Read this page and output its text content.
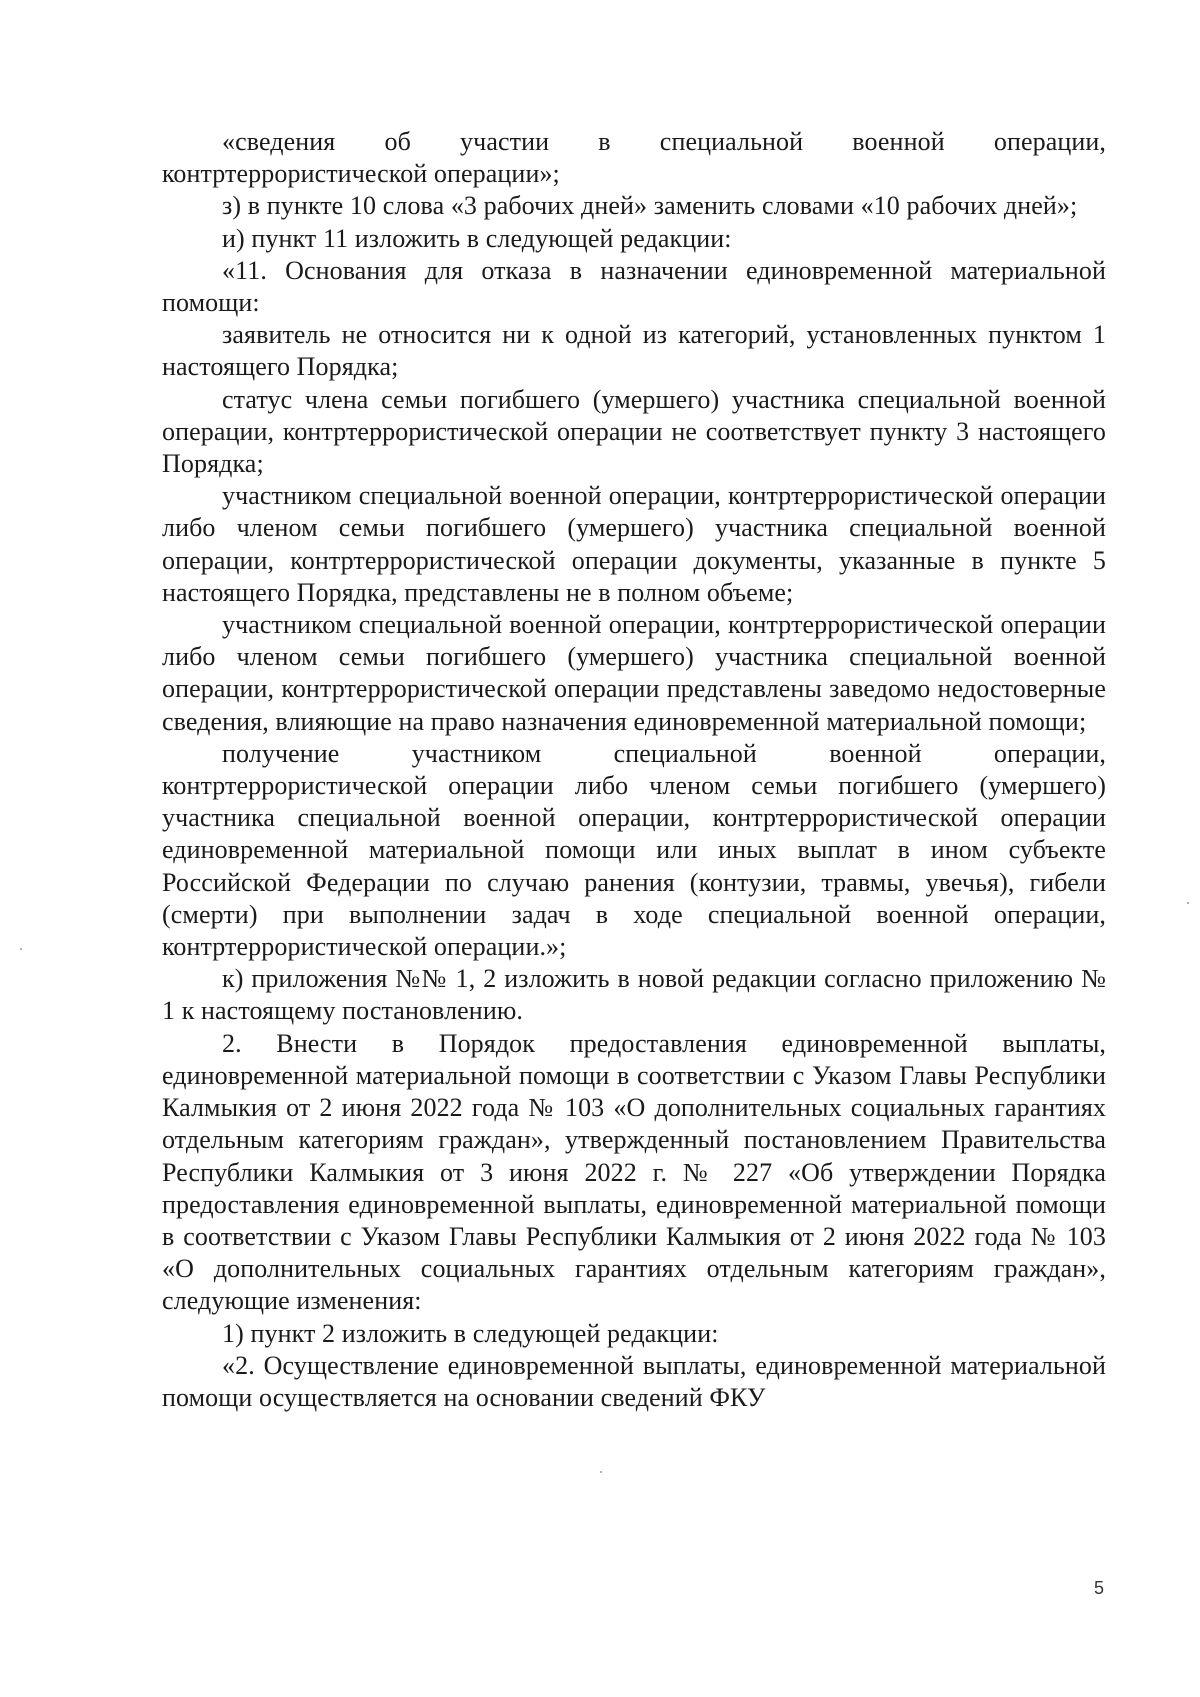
«сведения об участии в специальной военной операции, контртеррористической операции»;

з) в пункте 10 слова «3 рабочих дней» заменить словами «10 рабочих дней»;

и) пункт 11 изложить в следующей редакции:

«11. Основания для отказа в назначении единовременной материальной помощи:

заявитель не относится ни к одной из категорий, установленных пунктом 1 настоящего Порядка;

статус члена семьи погибшего (умершего) участника специальной военной операции, контртеррористической операции не соответствует пункту 3 настоящего Порядка;

участником специальной военной операции, контртеррористической операции либо членом семьи погибшего (умершего) участника специальной военной операции, контртеррористической операции документы, указанные в пункте 5 настоящего Порядка, представлены не в полном объеме;

участником специальной военной операции, контртеррористической операции либо членом семьи погибшего (умершего) участника специальной военной операции, контртеррористической операции представлены заведомо недостоверные сведения, влияющие на право назначения единовременной материальной помощи;

получение участником специальной военной операции, контртеррористической операции либо членом семьи погибшего (умершего) участника специальной военной операции, контртеррористической операции единовременной материальной помощи или иных выплат в ином субъекте Российской Федерации по случаю ранения (контузии, травмы, увечья), гибели (смерти) при выполнении задач в ходе специальной военной операции, контртеррористической операции.»;

к) приложения №№ 1, 2 изложить в новой редакции согласно приложению № 1 к настоящему постановлению.

2. Внести в Порядок предоставления единовременной выплаты, единовременной материальной помощи в соответствии с Указом Главы Республики Калмыкия от 2 июня 2022 года № 103 «О дополнительных социальных гарантиях отдельным категориям граждан», утвержденный постановлением Правительства Республики Калмыкия от 3 июня 2022 г. № 227 «Об утверждении Порядка предоставления единовременной выплаты, единовременной материальной помощи в соответствии с Указом Главы Республики Калмыкия от 2 июня 2022 года № 103 «О дополнительных социальных гарантиях отдельным категориям граждан», следующие изменения:

1) пункт 2 изложить в следующей редакции:

«2. Осуществление единовременной выплаты, единовременной материальной помощи осуществляется на основании сведений ФКУ

5
